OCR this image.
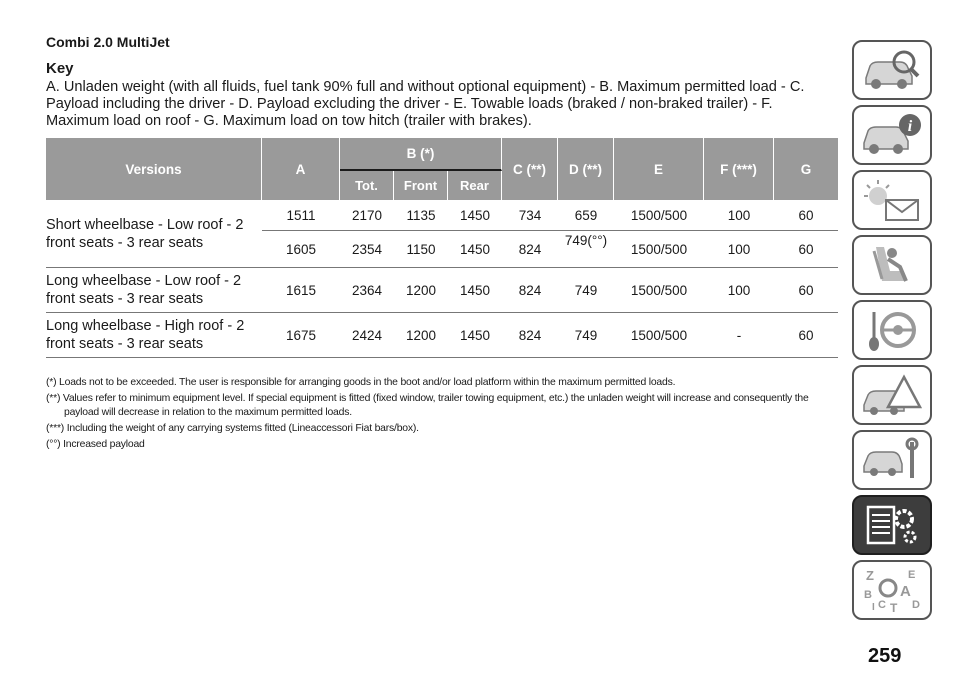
Combi 2.0 MultiJet

Key

A. Unladen weight (with all fluids, fuel tank 90% full and without optional equipment) - B. Maximum permitted load - C. Payload including the driver - D. Payload excluding the driver - E. Towable loads (braked / non-braked trailer) - F. Maximum load on roof - G. Maximum load on tow hitch (trailer with brakes).

Versions	A	B (*)			C (**)	D (**)	E	F (***)	G
		Tot.	Front	Rear					
Short wheelbase - Low roof - 2 front seats - 3 rear seats	1511	2170	1135	1450	734	659	1500/500	100	60
	1605	2354	1150	1450	824	749(°°)	1500/500	100	60
Long wheelbase - Low roof - 2 front seats - 3 rear seats	1615	2364	1200	1450	824	749	1500/500	100	60
Long wheelbase - High roof - 2 front seats - 3 rear seats	1675	2424	1200	1450	824	749	1500/500	-	60

(*) Loads not to be exceeded. The user is responsible for arranging goods in the boot and/or load platform within the maximum permitted loads.

(**) Values refer to minimum equipment level. If special equipment is fitted (fixed window, trailer towing equipment, etc.) the unladen weight will increase and consequently the payload will decrease in relation to the maximum permitted loads.

(***) Including the weight of any carrying systems fitted (Lineaccessori Fiat bars/box).

(°°) Increased payload

i
Z	E
A
B
C T D
I
259
